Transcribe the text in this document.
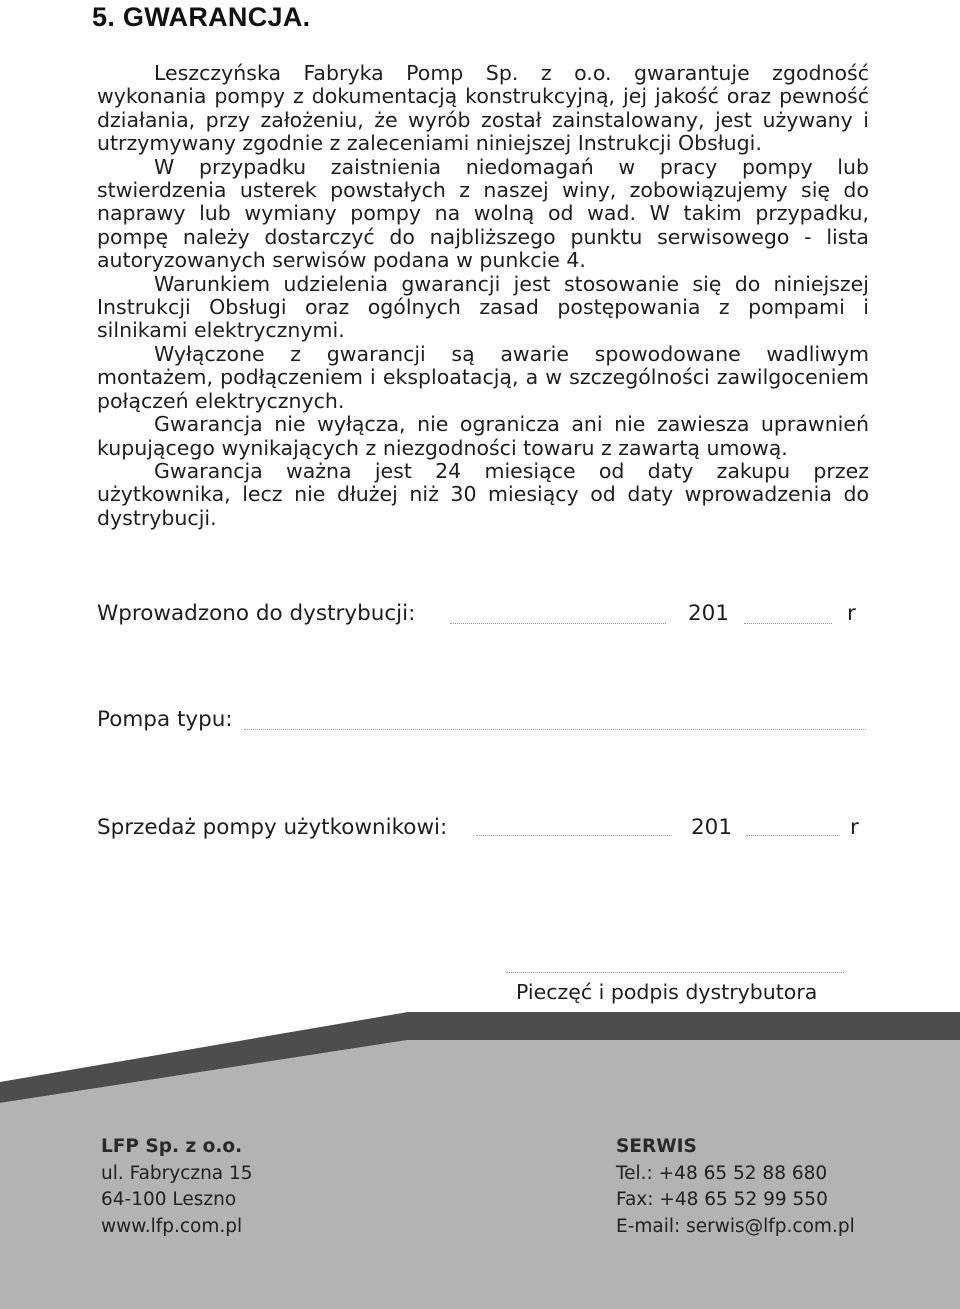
5. GWARANCJA.

Leszczyńska Fabryka Pomp Sp. z o.o. gwarantuje zgodność wykonania pompy z dokumentacją konstrukcyjną, jej jakość oraz pewność działania, przy założeniu, że wyrób został zainstalowany, jest używany i utrzymywany zgodnie z zaleceniami niniejszej Instrukcji Obsługi.

W przypadku zaistnienia niedomagań w pracy pompy lub stwierdzenia usterek powstałych z naszej winy, zobowiązujemy się do naprawy lub wymiany pompy na wolną od wad. W takim przypadku, pompę należy dostarczyć do najbliższego punktu serwisowego - lista autoryzowanych serwisów podana w punkcie 4.

Warunkiem udzielenia gwarancji jest stosowanie się do niniejszej Instrukcji Obsługi oraz ogólnych zasad postępowania z pompami i silnikami elektrycznymi.

Wyłączone z gwarancji są awarie spowodowane wadliwym montażem, podłączeniem i eksploatacją, a w szczególności zawilgoceniem połączeń elektrycznych.

Gwarancja nie wyłącza, nie ogranicza ani nie zawiesza uprawnień kupującego wynikających z niezgodności towaru z zawartą umową.

Gwarancja ważna jest 24 miesiące od daty zakupu przez użytkownika, lecz nie dłużej niż 30 miesiący od daty wprowadzenia do dystrybucji.

Wprowadzono do dystrybucji:	201	r
Pompa typu:
Sprzedaż pompy użytkownikowi:	201	r
Pieczęć i podpis dystrybutora
LFP Sp. z o.o.
ul. Fabryczna 15
64-100 Leszno
www.lfp.com.pl
SERWIS
Tel.: +48 65 52 88 680
Fax: +48 65 52 99 550
E-mail: serwis@lfp.com.pl
